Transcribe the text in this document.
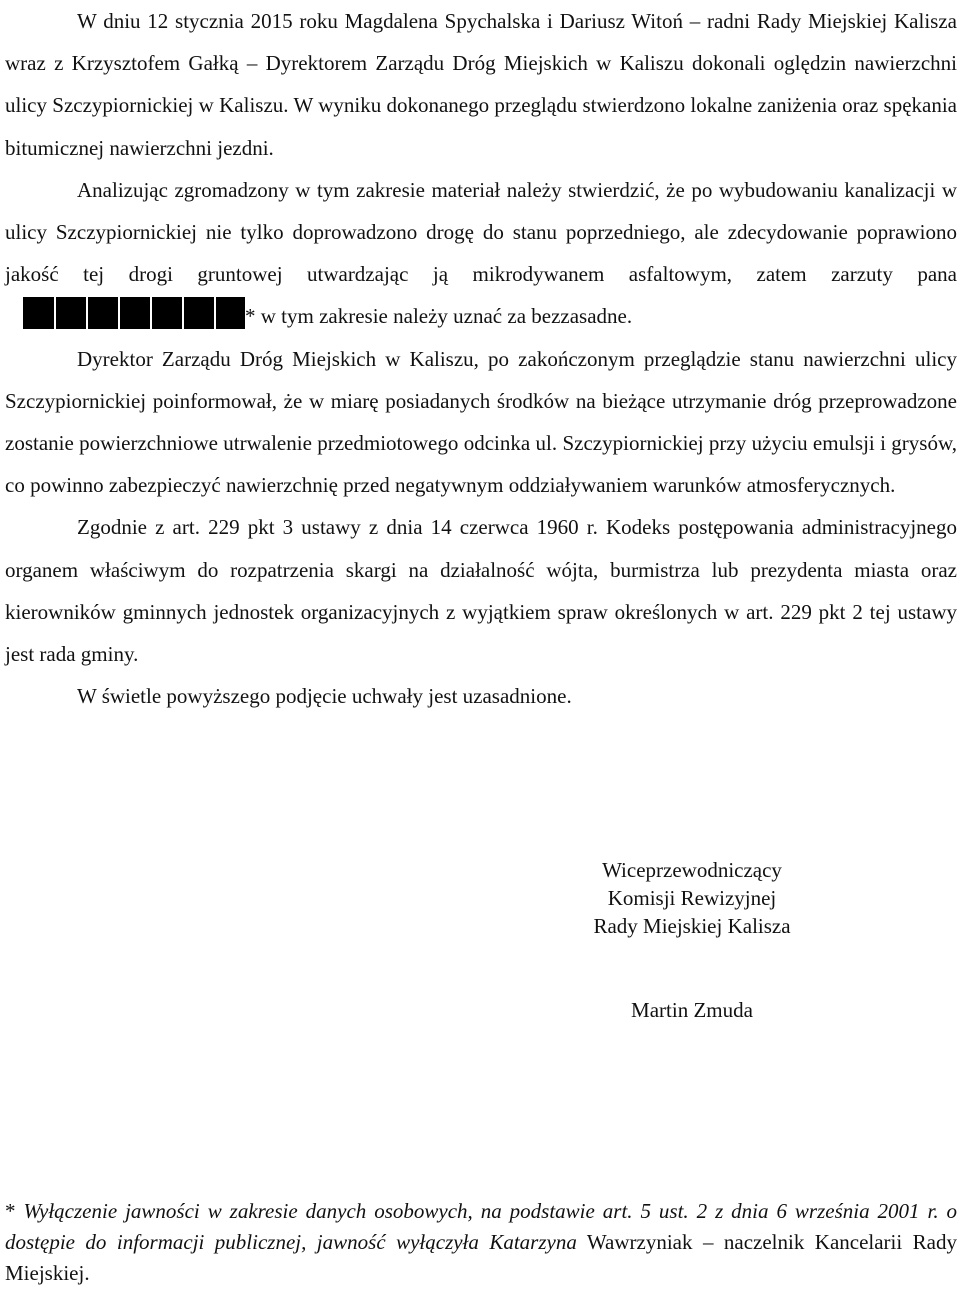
W dniu 12 stycznia 2015 roku Magdalena Spychalska i Dariusz Witoń – radni Rady Miejskiej Kalisza wraz z Krzysztofem Gałką – Dyrektorem Zarządu Dróg Miejskich w Kaliszu dokonali oględzin nawierzchni ulicy Szczypiornickiej w Kaliszu. W wyniku dokonanego przeglądu stwierdzono lokalne zaniżenia oraz spękania bitumicznej nawierzchni jezdni.

Analizując zgromadzony w tym zakresie materiał należy stwierdzić, że po wybudowaniu kanalizacji w ulicy Szczypiornickiej nie tylko doprowadzono drogę do stanu poprzedniego, ale zdecydowanie poprawiono jakość tej drogi gruntowej utwardzając ją mikrodywanem asfaltowym, zatem zarzuty pana
* w tym zakresie należy uznać za bezzasadne.

Dyrektor Zarządu Dróg Miejskich w Kaliszu, po zakończonym przeglądzie stanu nawierzchni ulicy Szczypiornickiej poinformował, że w miarę posiadanych środków na bieżące utrzymanie dróg przeprowadzone zostanie powierzchniowe utrwalenie przedmiotowego odcinka ul. Szczypiornickiej przy użyciu emulsji i grysów, co powinno zabezpieczyć nawierzchnię przed negatywnym oddziaływaniem warunków atmosferycznych.

Zgodnie z art. 229 pkt 3 ustawy z dnia 14 czerwca 1960 r. Kodeks postępowania administracyjnego organem właściwym do rozpatrzenia skargi na działalność wójta, burmistrza lub prezydenta miasta oraz kierowników gminnych jednostek organizacyjnych z wyjątkiem spraw określonych w art. 229 pkt 2 tej ustawy jest rada gminy.

W świetle powyższego podjęcie uchwały jest uzasadnione.

Wiceprzewodniczący
Komisji Rewizyjnej
Rady Miejskiej Kalisza
Martin Zmuda
* Wyłączenie jawności w zakresie danych osobowych, na podstawie art. 5 ust. 2 z dnia 6 września 2001 r. o dostępie do informacji publicznej, jawność wyłączyła Katarzyna Wawrzyniak – naczelnik Kancelarii Rady Miejskiej.
